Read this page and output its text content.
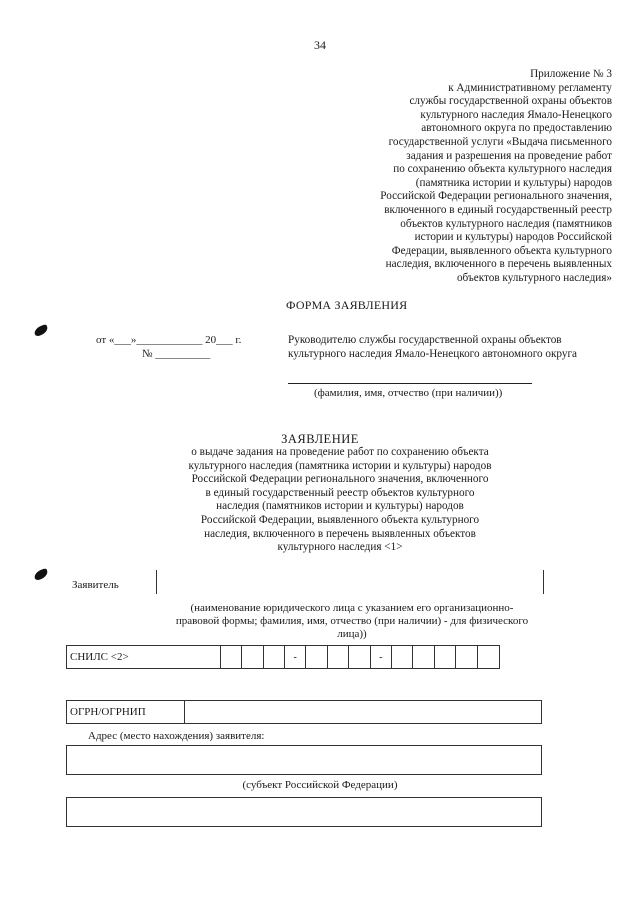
34
Приложение № 3
к Административному регламенту
службы государственной охраны объектов
культурного наследия Ямало-Ненецкого
автономного округа по предоставлению
государственной услуги «Выдача письменного
задания и разрешения на проведение работ
по сохранению объекта культурного наследия
(памятника истории и культуры) народов
Российской Федерации регионального значения,
включенного в единый государственный реестр
объектов культурного наследия (памятников
истории и культуры) народов Российской
Федерации, выявленного объекта культурного
наследия, включенного в перечень выявленных
объектов культурного наследия»
ФОРМА ЗАЯВЛЕНИЯ
от «___»____________ 20___ г.
№ __________
Руководителю службы государственной охраны объектов культурного наследия Ямало-Ненецкого автономного округа
(фамилия, имя, отчество (при наличии))
ЗАЯВЛЕНИЕ
о выдаче задания на проведение работ по сохранению объекта
культурного наследия (памятника истории и культуры) народов
Российской Федерации регионального значения, включенного
в единый государственный реестр объектов культурного
наследия (памятников истории и культуры) народов
Российской Федерации, выявленного объекта культурного
наследия, включенного в перечень выявленных объектов
культурного наследия <1>
Заявитель
(наименование юридического лица с указанием его организационно-
правовой формы; фамилия, имя, отчество (при наличии) - для физического
лица))
СНИЛС <2>	-	-
ОГРН/ОГРНИП
Адрес (место нахождения) заявителя:
(субъект Российской Федерации)
